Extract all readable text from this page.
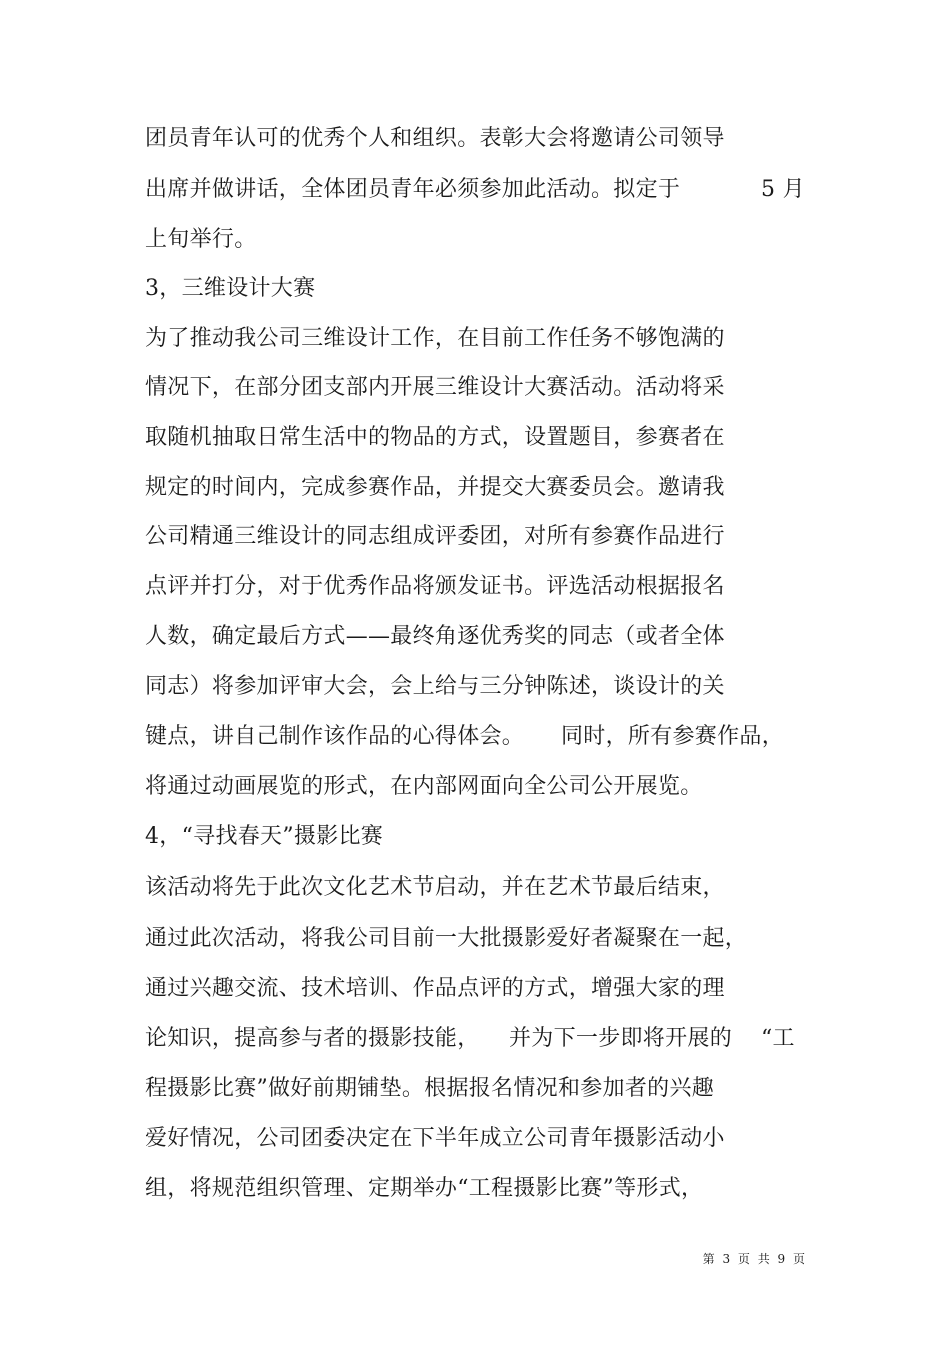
团员青年认可的优秀个人和组织。表彰大会将邀请公司领导
出席并做讲话，全体团员青年必须参加此活动。拟定于	5 月
上旬举行。
3，三维设计大赛
为了推动我公司三维设计工作，在目前工作任务不够饱满的
情况下，在部分团支部内开展三维设计大赛活动。活动将采
取随机抽取日常生活中的物品的方式，设置题目，参赛者在
规定的时间内，完成参赛作品，并提交大赛委员会。邀请我
公司精通三维设计的同志组成评委团，对所有参赛作品进行
点评并打分，对于优秀作品将颁发证书。评选活动根据报名
人数，确定最后方式——最终角逐优秀奖的同志（或者全体
同志）将参加评审大会，会上给与三分钟陈述，谈设计的关
键点，讲自己制作该作品的心得体会。 同时，所有参赛作品，
将通过动画展览的形式，在内部网面向全公司公开展览。
4，“寻找春天”摄影比赛
该活动将先于此次文化艺术节启动，并在艺术节最后结束，
通过此次活动，将我公司目前一大批摄影爱好者凝聚在一起，
通过兴趣交流、技术培训、作品点评的方式，增强大家的理
论知识，提高参与者的摄影技能， 并为下一步即将开展的 “工
程摄影比赛”做好前期铺垫。根据报名情况和参加者的兴趣
爱好情况，公司团委决定在下半年成立公司青年摄影活动小
组，将规范组织管理、定期举办“工程摄影比赛”等形式，
第 3 页 共 9 页
